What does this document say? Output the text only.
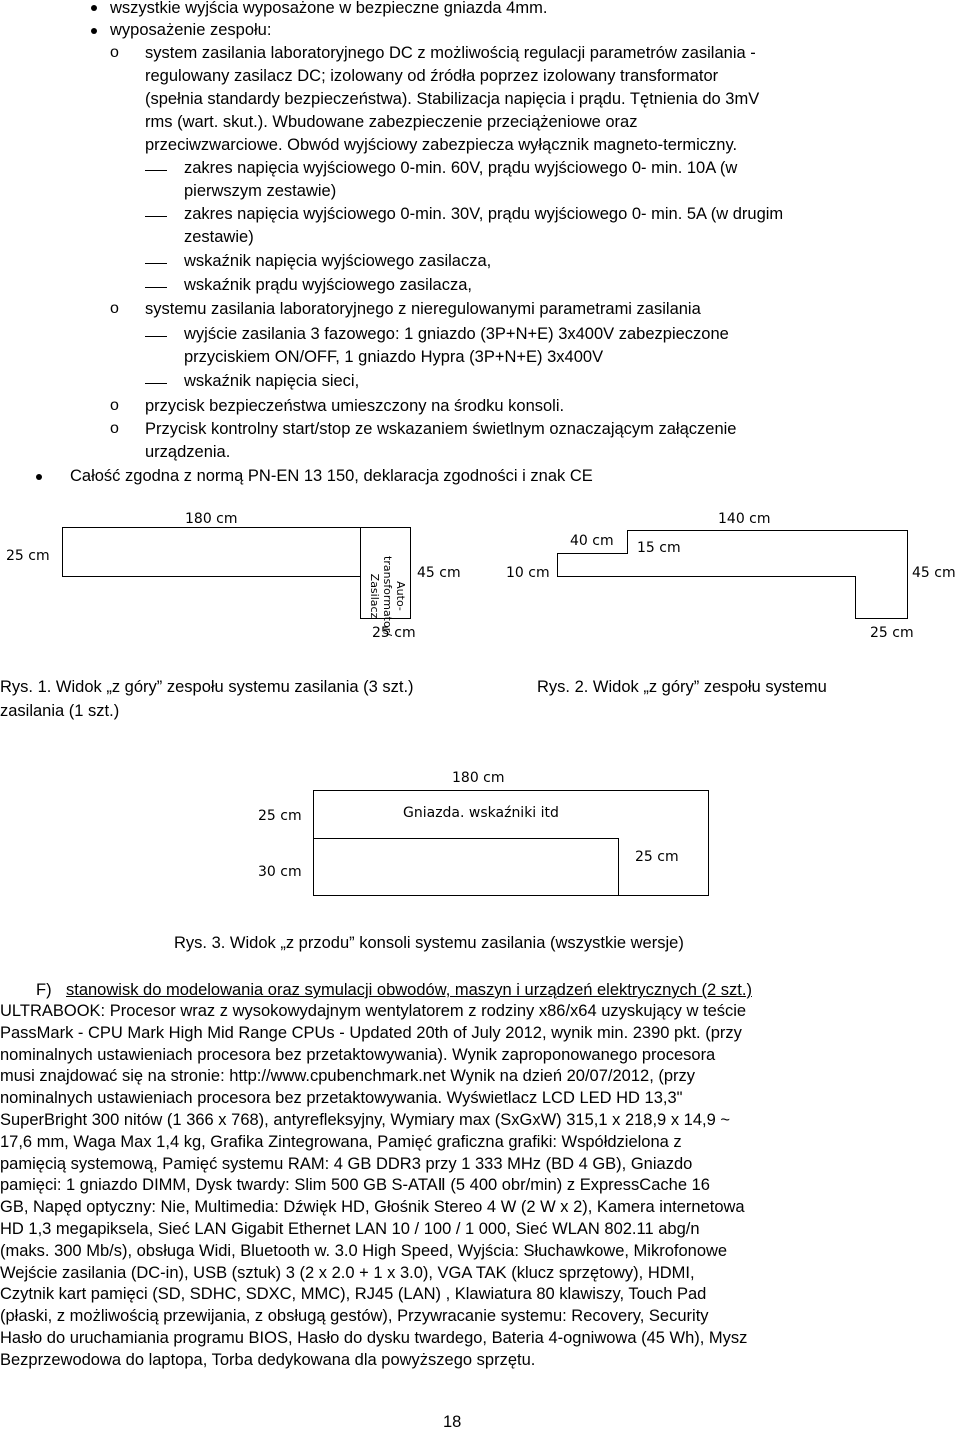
wszystkie wyjścia wyposażone w bezpieczne gniazda 4mm.
wyposażenie zespołu:
o system zasilania laboratoryjnego DC z możliwością regulacji parametrów zasilania -
regulowany zasilacz DC; izolowany od źródła poprzez izolowany transformator
(spełnia standardy bezpieczeństwa). Stabilizacja napięcia i prądu. Tętnienia do 3mV
rms (wart. skut.). Wbudowane zabezpieczenie przeciążeniowe oraz
przeciwzwarciowe. Obwód wyjściowy zabezpiecza wyłącznik magneto-termiczny.
zakres napięcia wyjściowego 0-min. 60V, prądu wyjściowego 0- min. 10A (w
pierwszym zestawie)
zakres napięcia wyjściowego 0-min. 30V, prądu wyjściowego 0- min. 5A (w drugim
zestawie)
wskaźnik napięcia wyjściowego zasilacza,
wskaźnik prądu wyjściowego zasilacza,
o systemu zasilania laboratoryjnego z nieregulowanymi parametrami zasilania
wyjście zasilania 3 fazowego: 1 gniazdo (3P+N+E) 3x400V zabezpieczone
przyciskiem ON/OFF, 1 gniazdo Hypra (3P+N+E) 3x400V
wskaźnik napięcia sieci,
o przycisk bezpieczeństwa umieszczony na środku konsoli.
o Przycisk kontrolny start/stop ze wskazaniem świetlnym oznaczającym załączenie
urządzenia.
Całość zgodna z normą PN-EN 13 150, deklaracja zgodności i znak CE
180 cm
25 cm
Auto-
transformator/
Zasilacz
45 cm
25 cm
140 cm
40 cm 15 cm
10 cm	45 cm
25 cm
Rys. 1. Widok „z góry” zespołu systemu zasilania (3 szt.)
zasilania (1 szt.)
Rys. 2. Widok „z góry” zespołu systemu
180 cm
25 cm	Gniazda. wskaźniki itd
25 cm
30 cm
Rys. 3. Widok „z przodu” konsoli systemu zasilania (wszystkie wersje)
F) stanowisk do modelowania oraz symulacji obwodów, maszyn i urządzeń elektrycznych (2 szt.)
ULTRABOOK: Procesor wraz z wysokowydajnym wentylatorem z rodziny x86/x64 uzyskujący w teście
PassMark - CPU Mark High Mid Range CPUs - Updated 20th of July 2012, wynik min. 2390 pkt. (przy
nominalnych ustawieniach procesora bez przetaktowywania). Wynik zaproponowanego procesora
musi znajdować się na stronie: http://www.cpubenchmark.net Wynik na dzień 20/07/2012, (przy
nominalnych ustawieniach procesora bez przetaktowywania. Wyświetlacz LCD LED HD 13,3"
SuperBright 300 nitów (1 366 x 768), antyrefleksyjny, Wymiary max (SxGxW) 315,1 x 218,9 x 14,9 ~
17,6 mm, Waga Max 1,4 kg, Grafika Zintegrowana, Pamięć graficzna grafiki: Współdzielona z
pamięcią systemową, Pamięć systemu RAM: 4 GB DDR3 przy 1 333 MHz (BD 4 GB), Gniazdo
pamięci: 1 gniazdo DIMM, Dysk twardy: Slim 500 GB S-ATAⅡ (5 400 obr/min) z ExpressCache 16
GB, Napęd optyczny: Nie, Multimedia: Dźwięk HD, Głośnik Stereo 4 W (2 W x 2), Kamera internetowa
HD 1,3 megapiksela, Sieć LAN Gigabit Ethernet LAN 10 / 100 / 1 000, Sieć WLAN 802.11 abg/n
(maks. 300 Mb/s), obsługa Widi, Bluetooth w. 3.0 High Speed, Wyjścia: Słuchawkowe, Mikrofonowe
Wejście zasilania (DC-in), USB (sztuk) 3 (2 x 2.0 + 1 x 3.0), VGA TAK (klucz sprzętowy), HDMI,
Czytnik kart pamięci (SD, SDHC, SDXC, MMC), RJ45 (LAN) , Klawiatura 80 klawiszy, Touch Pad
(płaski, z możliwością przewijania, z obsługą gestów), Przywracanie systemu: Recovery, Security
Hasło do uruchamiania programu BIOS, Hasło do dysku twardego, Bateria 4-ogniwowa (45 Wh), Mysz
Bezprzewodowa do laptopa, Torba dedykowana dla powyższego sprzętu.
18
